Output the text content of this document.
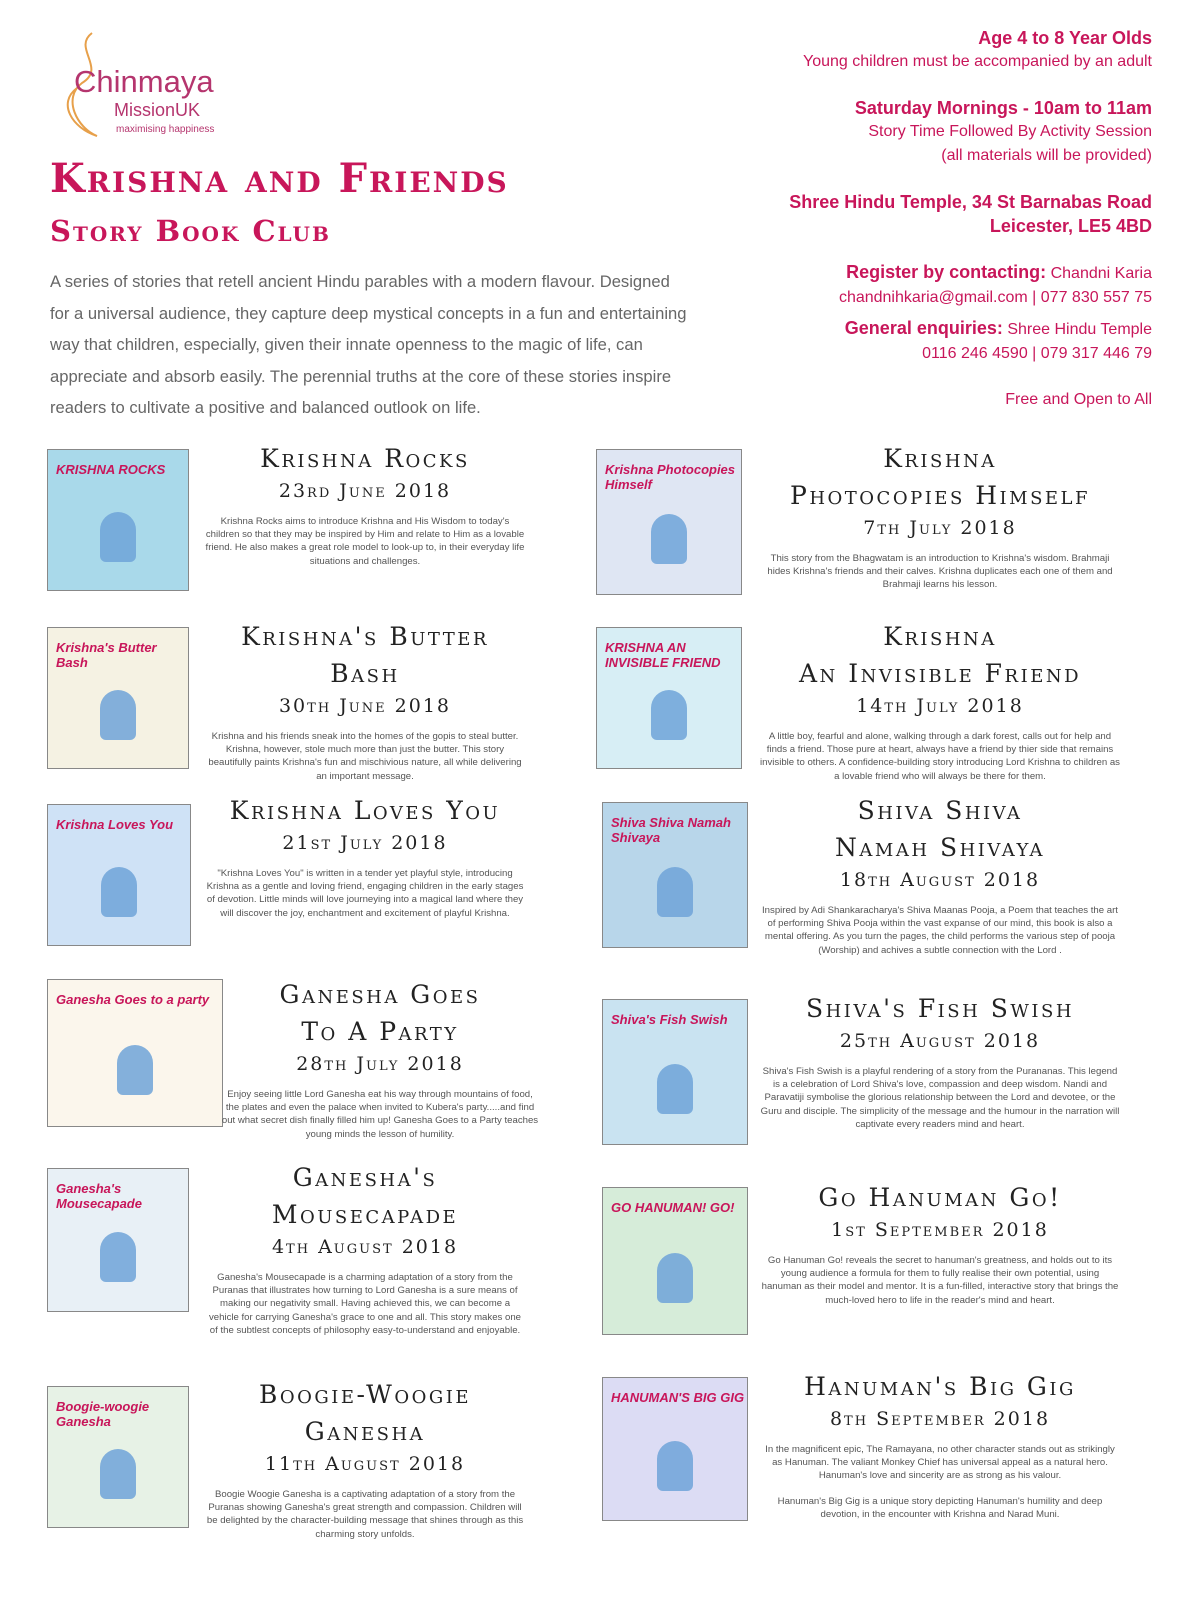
Chinmaya
MissionUK
maximising happiness
Krishna and Friends
Story Book Club
A series of stories that retell ancient Hindu parables with a modern flavour. Designed for a universal audience, they capture deep mystical concepts in a fun and entertaining way that children, especially, given their innate openness to the magic of life, can appreciate and absorb easily. The perennial truths at the core of these stories inspire readers to cultivate a positive and balanced outlook on life.
Age 4 to 8 Year Olds
Young children must be accompanied by an adult
Saturday Mornings - 10am to 11am
Story Time Followed By Activity Session
(all materials will be provided)
Shree Hindu Temple, 34 St Barnabas Road
Leicester, LE5 4BD
Register by contacting: Chandni Karia
chandnihkaria@gmail.com | 077 830 557 75
General enquiries: Shree Hindu Temple
0116 246 4590 | 079 317 446 79
Free and Open to All
KRISHNA ROCKS	Krishna Rocks
23rd June 2018
Krishna Rocks aims to introduce Krishna and His Wisdom to today's children so that they may be inspired by Him and relate to Him as a lovable friend. He also makes a great role model to look-up to, in their everyday life situations and challenges.
Krishna Photocopies Himself
Krishna
Photocopies Himself
7th July 2018
This story from the Bhagwatam is an introduction to Krishna's wisdom. Brahmaji hides Krishna's friends and their calves. Krishna duplicates each one of them and Brahmaji learns his lesson.
Krishna's Butter Bash
Krishna's Butter
Bash
30th June 2018
Krishna and his friends sneak into the homes of the gopis to steal butter. Krishna, however, stole much more than just the butter. This story beautifully paints Krishna's fun and mischivious nature, all while delivering an important message.
KRISHNA AN INVISIBLE FRIEND
Krishna
An Invisible Friend
14th July 2018
A little boy, fearful and alone, walking through a dark forest, calls out for help and finds a friend. Those pure at heart, always have a friend by thier side that remains invisible to others. A confidence-building story introducing Lord Krishna to children as a lovable friend who will always be there for them.
Krishna Loves You	Krishna Loves You
21st July 2018
"Krishna Loves You" is written in a tender yet playful style, introducing Krishna as a gentle and loving friend, engaging children in the early stages of devotion. Little minds will love journeying into a magical land where they will discover the joy, enchantment and excitement of playful Krishna.
Shiva Shiva Namah Shivaya
Shiva Shiva
Namah Shivaya
18th August 2018
Inspired by Adi Shankaracharya's Shiva Maanas Pooja, a Poem that teaches the art of performing Shiva Pooja within the vast expanse of our mind, this book is also a mental offering. As you turn the pages, the child performs the various step of pooja (Worship) and achives a subtle connection with the Lord .
Ganesha Goes to a party	Ganesha Goes
To A Party
28th July 2018
Enjoy seeing little Lord Ganesha eat his way through mountains of food, the plates and even the palace when invited to Kubera's party.....and find out what secret dish finally filled him up! Ganesha Goes to a Party teaches young minds the lesson of humility.
Shiva's Fish Swish	Shiva's Fish Swish
25th August 2018
Shiva's Fish Swish is a playful rendering of a story from the Purananas. This legend is a celebration of Lord Shiva's love, compassion and deep wisdom. Nandi and Paravatiji symbolise the glorious relationship between the Lord and devotee, or the Guru and disciple. The simplicity of the message and the humour in the narration will captivate every readers mind and heart.
Ganesha's Mousecapade
Ganesha's
Mousecapade
4th August 2018
Ganesha's Mousecapade is a charming adaptation of a story from the Puranas that illustrates how turning to Lord Ganesha is a sure means of making our negativity small. Having achieved this, we can become a vehicle for carrying Ganesha's grace to one and all. This story makes one of the subtlest concepts of philosophy easy-to-understand and enjoyable.
GO HANUMAN! GO!	Go Hanuman Go!
1st September 2018
Go Hanuman Go! reveals the secret to hanuman's greatness, and holds out to its young audience a formula for them to fully realise their own potential, using hanuman as their model and mentor. It is a fun-filled, interactive story that brings the much-loved hero to life in the reader's mind and heart.
Boogie-woogie Ganesha
Boogie-Woogie
Ganesha
11th August 2018
Boogie Woogie Ganesha is a captivating adaptation of a story from the Puranas showing Ganesha's great strength and compassion. Children will be delighted by the character-building message that shines through as this charming story unfolds.
HANUMAN'S BIG GIG	Hanuman's Big Gig
8th September 2018
In the magnificent epic, The Ramayana, no other character stands out as strikingly as Hanuman. The valiant Monkey Chief has universal appeal as a natural hero. Hanuman's love and sincerity are as strong as his valour.
Hanuman's Big Gig is a unique story depicting Hanuman's humility and deep devotion, in the encounter with Krishna and Narad Muni.
